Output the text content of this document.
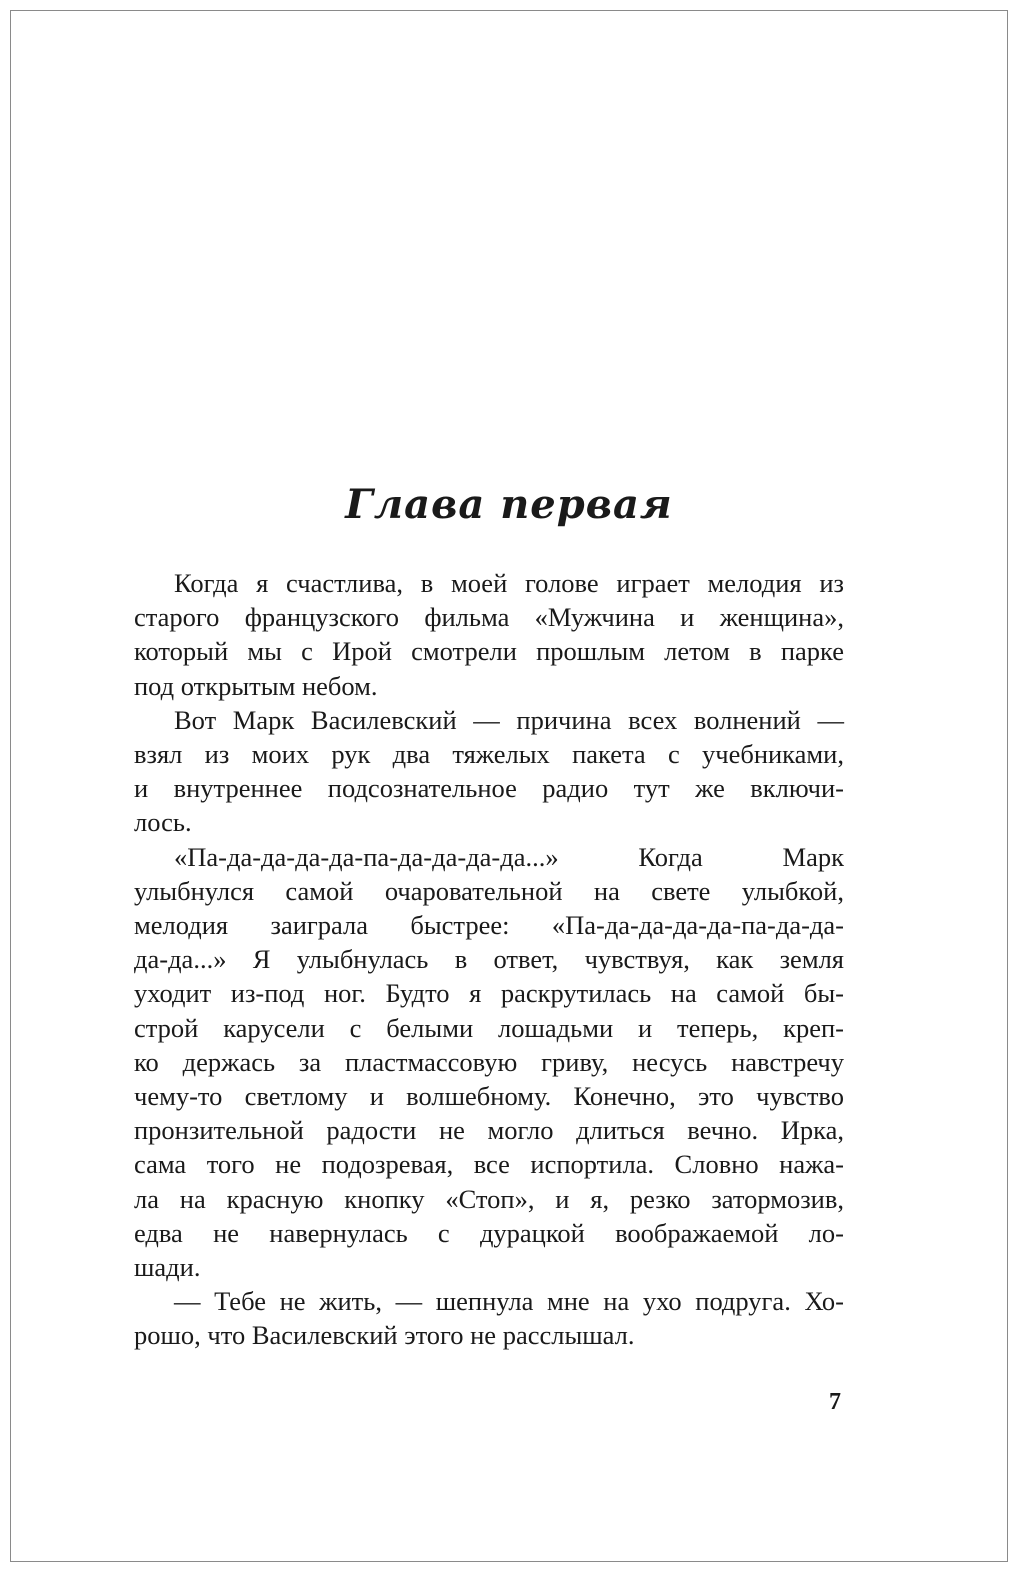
Глава первая

Когда я счастлива, в моей голове играет мелодия из
старого французского фильма «Мужчина и женщина»,
который мы с Ирой смотрели прошлым летом в парке
под открытым небом.

Вот Марк Василевский — причина всех волнений —
взял из моих рук два тяжелых пакета с учебниками,
и внутреннее подсознательное радио тут же включи-
лось.

«Па-да-да-да-да-па-да-да-да-да...» Когда Марк
улыбнулся самой очаровательной на свете улыбкой,
мелодия заиграла быстрее: «Па-да-да-да-да-па-да-да-
да-да...» Я улыбнулась в ответ, чувствуя, как земля
уходит из-под ног. Будто я раскрутилась на самой бы-
строй карусели с белыми лошадьми и теперь, креп-
ко держась за пластмассовую гриву, несусь навстречу
чему-то светлому и волшебному. Конечно, это чувство
пронзительной радости не могло длиться вечно. Ирка,
сама того не подозревая, все испортила. Словно нажа-
ла на красную кнопку «Стоп», и я, резко затормозив,
едва не навернулась с дурацкой воображаемой ло-
шади.

— Тебе не жить, — шепнула мне на ухо подруга. Хо-
рошо, что Василевский этого не расслышал.

7
